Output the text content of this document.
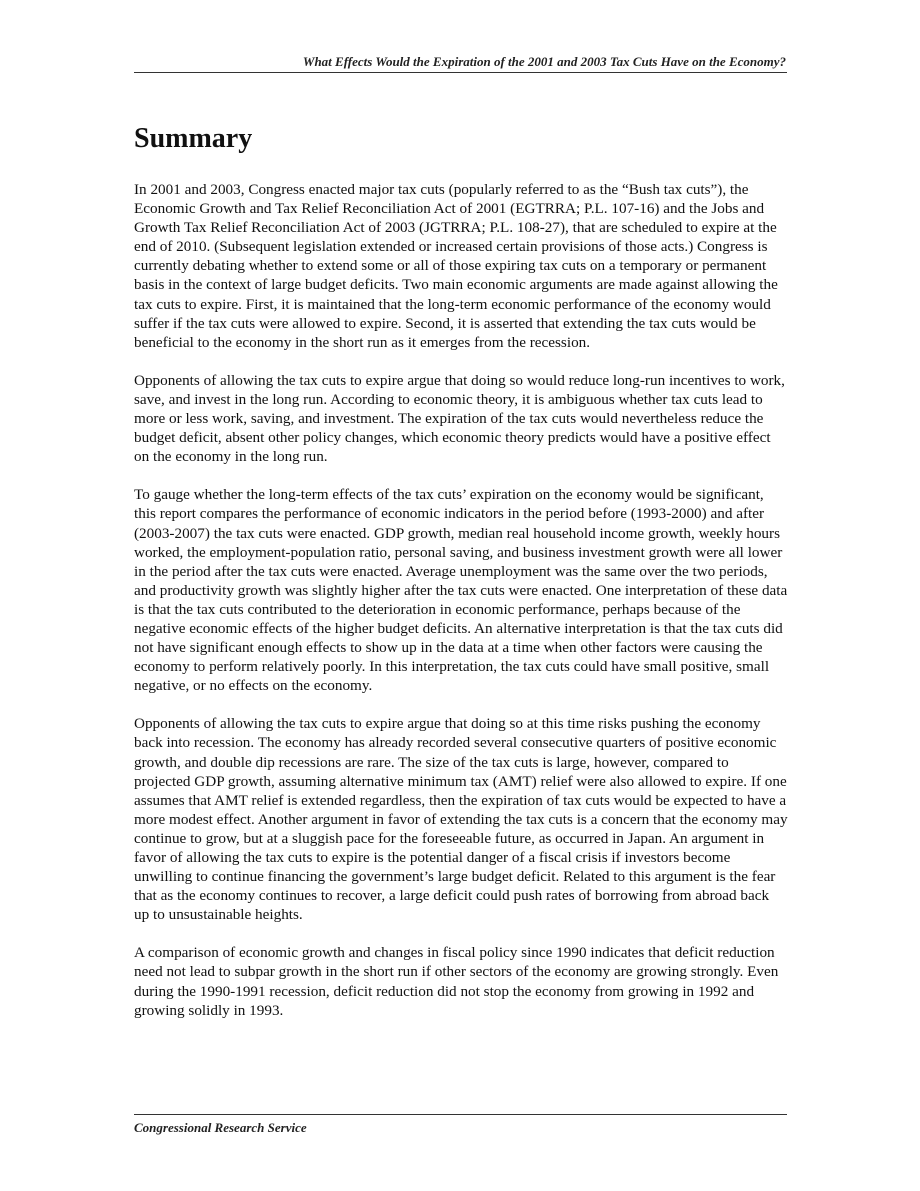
What Effects Would the Expiration of the 2001 and 2003 Tax Cuts Have on the Economy?
Summary

In 2001 and 2003, Congress enacted major tax cuts (popularly referred to as the “Bush tax cuts”), the Economic Growth and Tax Relief Reconciliation Act of 2001 (EGTRRA; P.L. 107-16) and the Jobs and Growth Tax Relief Reconciliation Act of 2003 (JGTRRA; P.L. 108-27), that are scheduled to expire at the end of 2010. (Subsequent legislation extended or increased certain provisions of those acts.) Congress is currently debating whether to extend some or all of those expiring tax cuts on a temporary or permanent basis in the context of large budget deficits. Two main economic arguments are made against allowing the tax cuts to expire. First, it is maintained that the long-term economic performance of the economy would suffer if the tax cuts were allowed to expire. Second, it is asserted that extending the tax cuts would be beneficial to the economy in the short run as it emerges from the recession.

Opponents of allowing the tax cuts to expire argue that doing so would reduce long-run incentives to work, save, and invest in the long run. According to economic theory, it is ambiguous whether tax cuts lead to more or less work, saving, and investment. The expiration of the tax cuts would nevertheless reduce the budget deficit, absent other policy changes, which economic theory predicts would have a positive effect on the economy in the long run.

To gauge whether the long-term effects of the tax cuts’ expiration on the economy would be significant, this report compares the performance of economic indicators in the period before (1993-2000) and after (2003-2007) the tax cuts were enacted. GDP growth, median real household income growth, weekly hours worked, the employment-population ratio, personal saving, and business investment growth were all lower in the period after the tax cuts were enacted. Average unemployment was the same over the two periods, and productivity growth was slightly higher after the tax cuts were enacted. One interpretation of these data is that the tax cuts contributed to the deterioration in economic performance, perhaps because of the negative economic effects of the higher budget deficits. An alternative interpretation is that the tax cuts did not have significant enough effects to show up in the data at a time when other factors were causing the economy to perform relatively poorly. In this interpretation, the tax cuts could have small positive, small negative, or no effects on the economy.

Opponents of allowing the tax cuts to expire argue that doing so at this time risks pushing the economy back into recession. The economy has already recorded several consecutive quarters of positive economic growth, and double dip recessions are rare. The size of the tax cuts is large, however, compared to projected GDP growth, assuming alternative minimum tax (AMT) relief were also allowed to expire. If one assumes that AMT relief is extended regardless, then the expiration of tax cuts would be expected to have a more modest effect. Another argument in favor of extending the tax cuts is a concern that the economy may continue to grow, but at a sluggish pace for the foreseeable future, as occurred in Japan. An argument in favor of allowing the tax cuts to expire is the potential danger of a fiscal crisis if investors become unwilling to continue financing the government’s large budget deficit. Related to this argument is the fear that as the economy continues to recover, a large deficit could push rates of borrowing from abroad back up to unsustainable heights.

A comparison of economic growth and changes in fiscal policy since 1990 indicates that deficit reduction need not lead to subpar growth in the short run if other sectors of the economy are growing strongly. Even during the 1990-1991 recession, deficit reduction did not stop the economy from growing in 1992 and growing solidly in 1993.

Congressional Research Service
